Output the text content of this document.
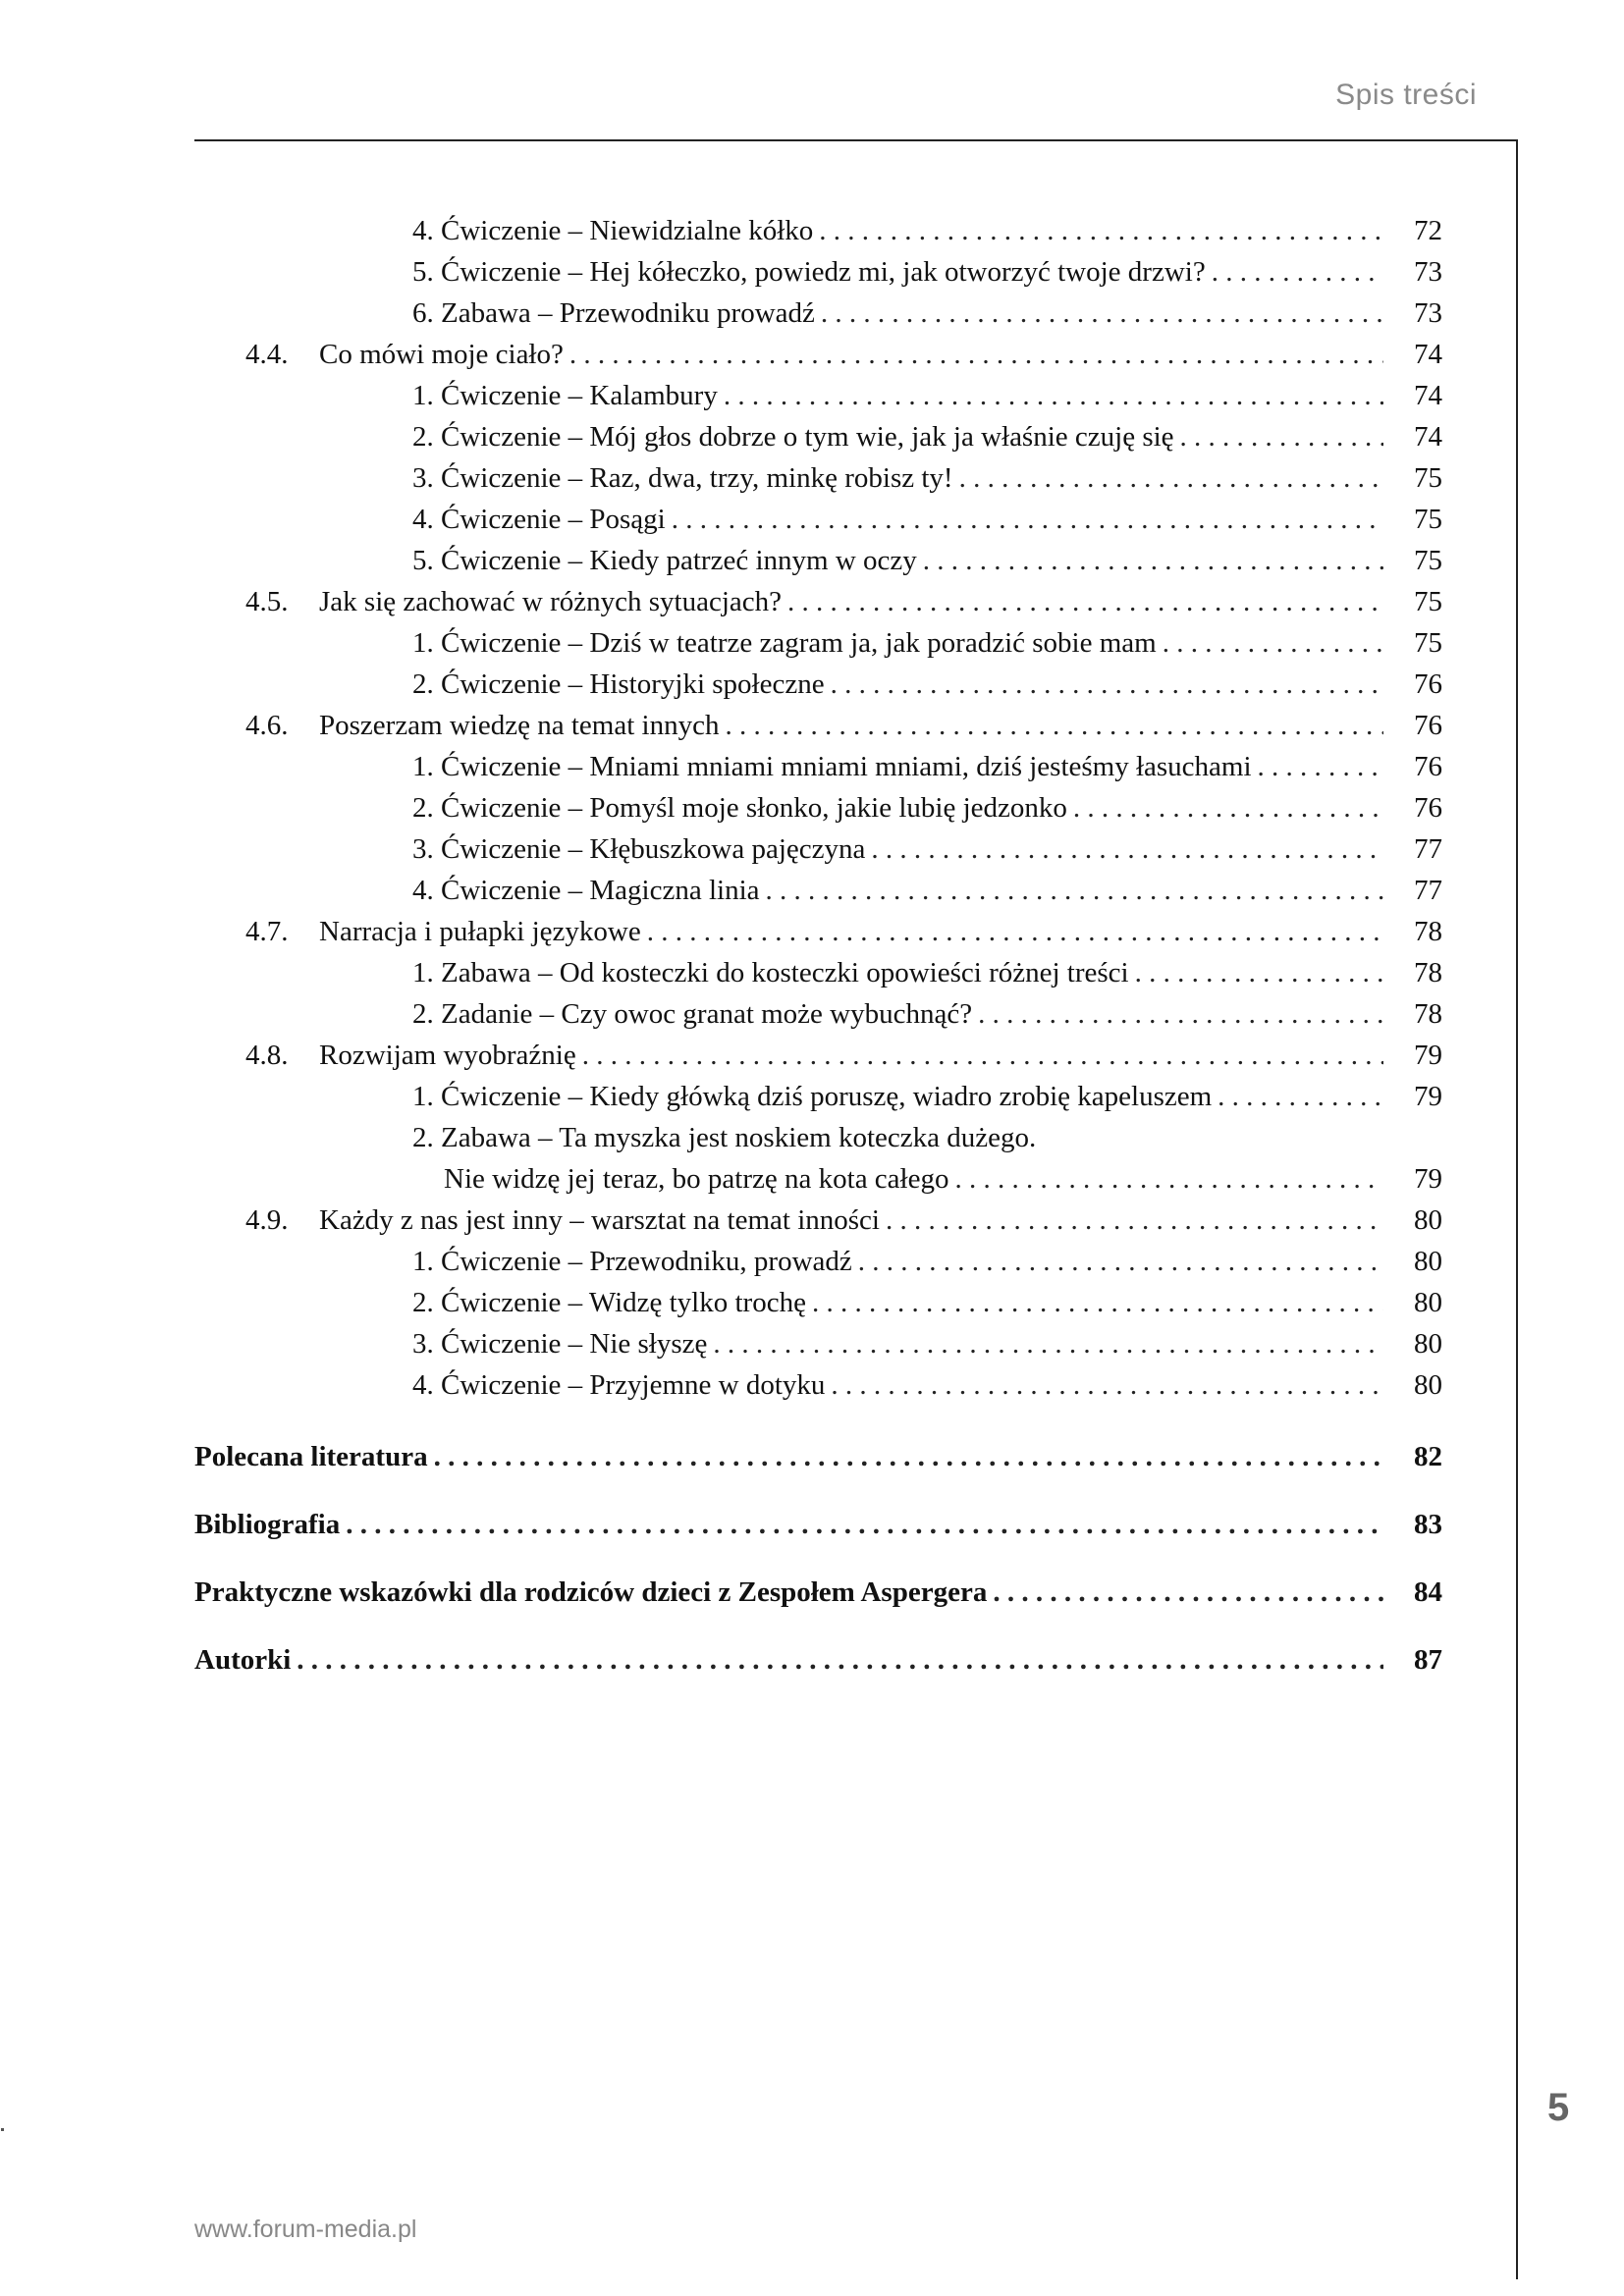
Spis treści
4. Ćwiczenie – Niewidzialne kółko . . .	72
5. Ćwiczenie – Hej kółeczko, powiedz mi, jak otworzyć twoje drzwi? . . .	73
6. Zabawa – Przewodniku prowadź . . .	73
4.4.	Co mówi moje ciało? . . .	74
1. Ćwiczenie – Kalambury . . .	74
2. Ćwiczenie – Mój głos dobrze o tym wie, jak ja właśnie czuję się . . .	74
3. Ćwiczenie – Raz, dwa, trzy, minkę robisz ty! . . .	75
4. Ćwiczenie – Posągi . . .	75
5. Ćwiczenie – Kiedy patrzeć innym w oczy . . .	75
4.5.	Jak się zachować w różnych sytuacjach? . . .	75
1. Ćwiczenie – Dziś w teatrze zagram ja, jak poradzić sobie mam . . .	75
2. Ćwiczenie – Historyjki społeczne . . .	76
4.6.	Poszerzam wiedzę na temat innych . . .	76
1. Ćwiczenie – Mniami mniami mniami mniami, dziś jesteśmy łasuchami . . .	76
2. Ćwiczenie – Pomyśl moje słonko, jakie lubię jedzonko . . .	76
3. Ćwiczenie – Kłębuszkowa pajęczyna . . .	77
4. Ćwiczenie – Magiczna linia . . .	77
4.7.	Narracja i pułapki językowe . . .	78
1. Zabawa – Od kosteczki do kosteczki opowieści różnej treści . . .	78
2. Zadanie – Czy owoc granat może wybuchnąć? . . .	78
4.8.	Rozwijam wyobraźnię . . .	79
1. Ćwiczenie – Kiedy główką dziś poruszę, wiadro zrobię kapeluszem . . .	79
2. Zabawa – Ta myszka jest noskiem koteczka dużego.
Nie widzę jej teraz, bo patrzę na kota całego . . .	79
4.9.	Każdy z nas jest inny – warsztat na temat inności . . .	80
1. Ćwiczenie – Przewodniku, prowadź . . .	80
2. Ćwiczenie – Widzę tylko trochę . . .	80
3. Ćwiczenie – Nie słyszę . . .	80
4. Ćwiczenie – Przyjemne w dotyku . . .	80
Polecana literatura . . .	82
Bibliografia . . .	83
Praktyczne wskazówki dla rodziców dzieci z Zespołem Aspergera . . .	84
Autorki . . .	87
5
www.forum-media.pl
